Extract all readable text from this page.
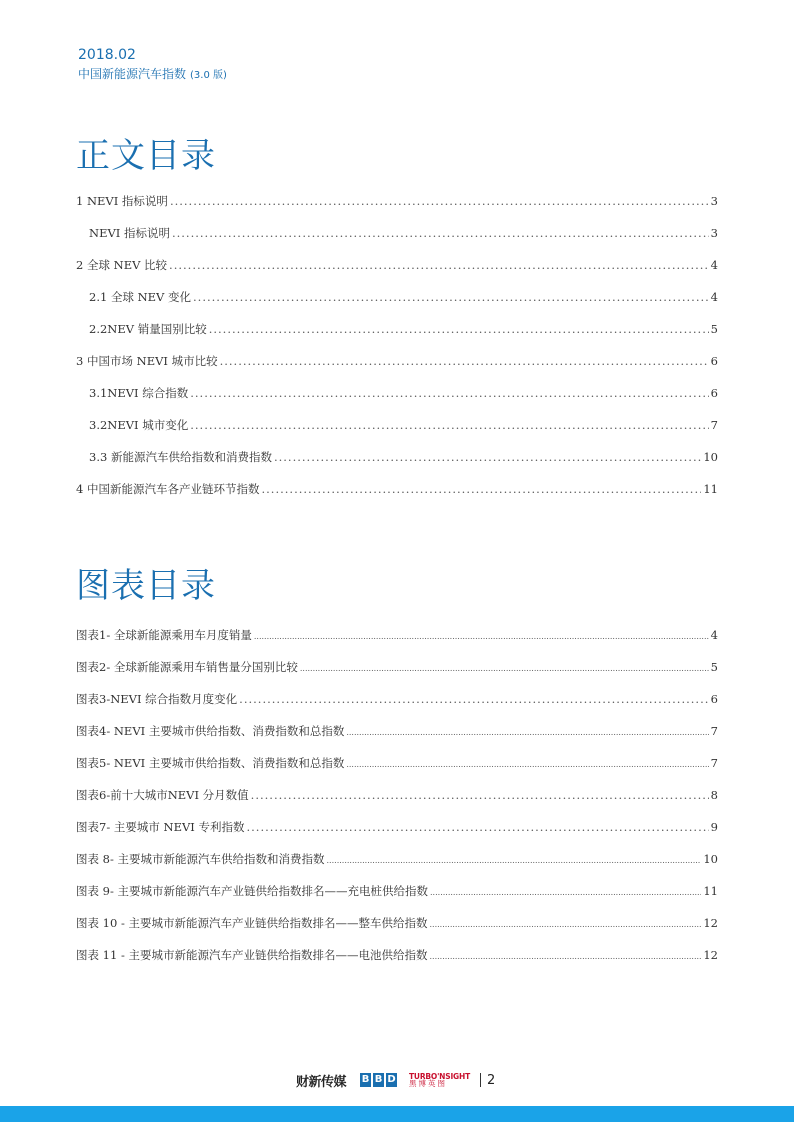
2018.02
中国新能源汽车指数 (3.0 版)
正文目录
1 NEVI 指标说明 .....	3
NEVI 指标说明 .....	3
2 全球 NEV 比较 .....	4
2.1 全球 NEV 变化 .....	4
2.2NEV 销量国别比较 .....	5
3 中国市场 NEVI 城市比较 .....	6
3.1NEVI 综合指数 .....	6
3.2NEVI 城市变化 .....	7
3.3 新能源汽车供给指数和消费指数 .....	10
4 中国新能源汽车各产业链环节指数 .....	11
图表目录
图表1- 全球新能源乘用车月度销量 .....	4
图表2- 全球新能源乘用车销售量分国别比较 .....	5
图表3-NEVI 综合指数月度变化 .....	6
图表4- NEVI 主要城市供给指数、消费指数和总指数 .....	7
图表5- NEVI 主要城市供给指数、消费指数和总指数 .....	7
图表6-前十大城市NEVI 分月数值 .....	8
图表7- 主要城市 NEVI 专利指数 .....	9
图表 8- 主要城市新能源汽车供给指数和消费指数 .....	10
图表 9- 主要城市新能源汽车产业链供给指数排名——充电桩供给指数 .....	11
图表 10 - 主要城市新能源汽车产业链供给指数排名——整车供给指数 .....	12
图表 11 - 主要城市新能源汽车产业链供给指数排名——电池供给指数 .....	12
财新传媒 B B D TURBO'NSIGHT
黑博英图	2
